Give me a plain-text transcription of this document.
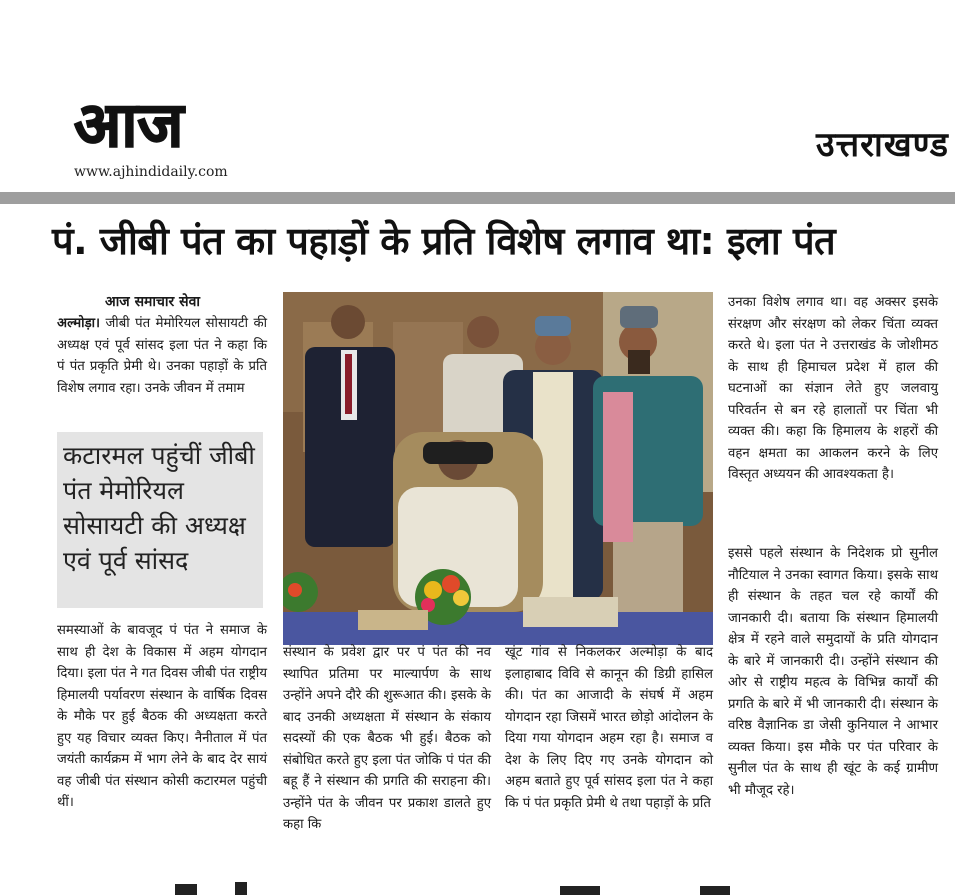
आज
www.ajhindidaily.com
उत्तराखण्ड
पं. जीबी पंत का पहाड़ों के प्रति विशेष लगाव था: इला पंत
आज समाचार सेवा
अल्मोड़ा। जीबी पंत मेमोरियल सोसायटी की अध्यक्ष एवं पूर्व सांसद इला पंत ने कहा कि पं पंत प्रकृति प्रेमी थे। उनका पहाड़ों के प्रति विशेष लगाव रहा। उनके जीवन में तमाम
कटारमल पहुंचीं जीबी पंत मेमोरियल सोसायटी की अध्यक्ष एवं पूर्व सांसद
समस्याओं के बावजूद पं पंत ने समाज के साथ ही देश के विकास में अहम योगदान दिया। इला पंत ने गत दिवस जीबी पंत राष्ट्रीय हिमालयी पर्यावरण संस्थान के वार्षिक दिवस के मौके पर हुई बैठक की अध्यक्षता करते हुए यह विचार व्यक्त किए। नैनीताल में पंत जयंती कार्यक्रम में भाग लेने के बाद देर सायं वह जीबी पंत संस्थान कोसी कटारमल पहुंची थीं।
संस्थान के प्रवेश द्वार पर पं पंत की नव स्थापित प्रतिमा पर माल्यार्पण के साथ उन्होंने अपने दौरे की शुरूआत की। इसके के बाद उनकी अध्यक्षता में संस्थान के संकाय सदस्यों की एक बैठक भी हुई। बैठक को संबोधित करते हुए इला पंत जोकि पं पंत की बहू हैं ने संस्थान की प्रगति की सराहना की। उन्होंने पंत के जीवन पर प्रकाश डालते हुए कहा कि
खूंट गांव से निकलकर अल्मोड़ा के बाद इलाहाबाद विवि से कानून की डिग्री हासिल की। पंत का आजादी के संघर्ष में अहम योगदान रहा जिसमें भारत छोड़ो आंदोलन के दिया गया योगदान अहम रहा है। समाज व देश के लिए दिए गए उनके योगदान को अहम बताते हुए पूर्व सांसद इला पंत ने कहा कि पं पंत प्रकृति प्रेमी थे तथा पहाड़ों के प्रति
उनका विशेष लगाव था। वह अक्सर इसके संरक्षण और संरक्षण को लेकर चिंता व्यक्त करते थे। इला पंत ने उत्तराखंड के जोशीमठ के साथ ही हिमाचल प्रदेश में हाल की घटनाओं का संज्ञान लेते हुए जलवायु परिवर्तन से बन रहे हालातों पर चिंता भी व्यक्त की। कहा कि हिमालय के शहरों की वहन क्षमता का आकलन करने के लिए विस्तृत अध्ययन की आवश्यकता है।
इससे पहले संस्थान के निदेशक प्रो सुनील नौटियाल ने उनका स्वागत किया। इसके साथ ही संस्थान के तहत चल रहे कार्यों की जानकारी दी। बताया कि संस्थान हिमालयी क्षेत्र में रहने वाले समुदायों के प्रति योगदान के बारे में जानकारी दी। उन्होंने संस्थान की ओर से राष्ट्रीय महत्व के विभिन्न कार्यों की प्रगति के बारे में भी जानकारी दी। संस्थान के वरिष्ठ वैज्ञानिक डा जेसी कुनियाल ने आभार व्यक्त किया। इस मौके पर पंत परिवार के सुनील पंत के साथ ही खूंट के कई ग्रामीण भी मौजूद रहे।
